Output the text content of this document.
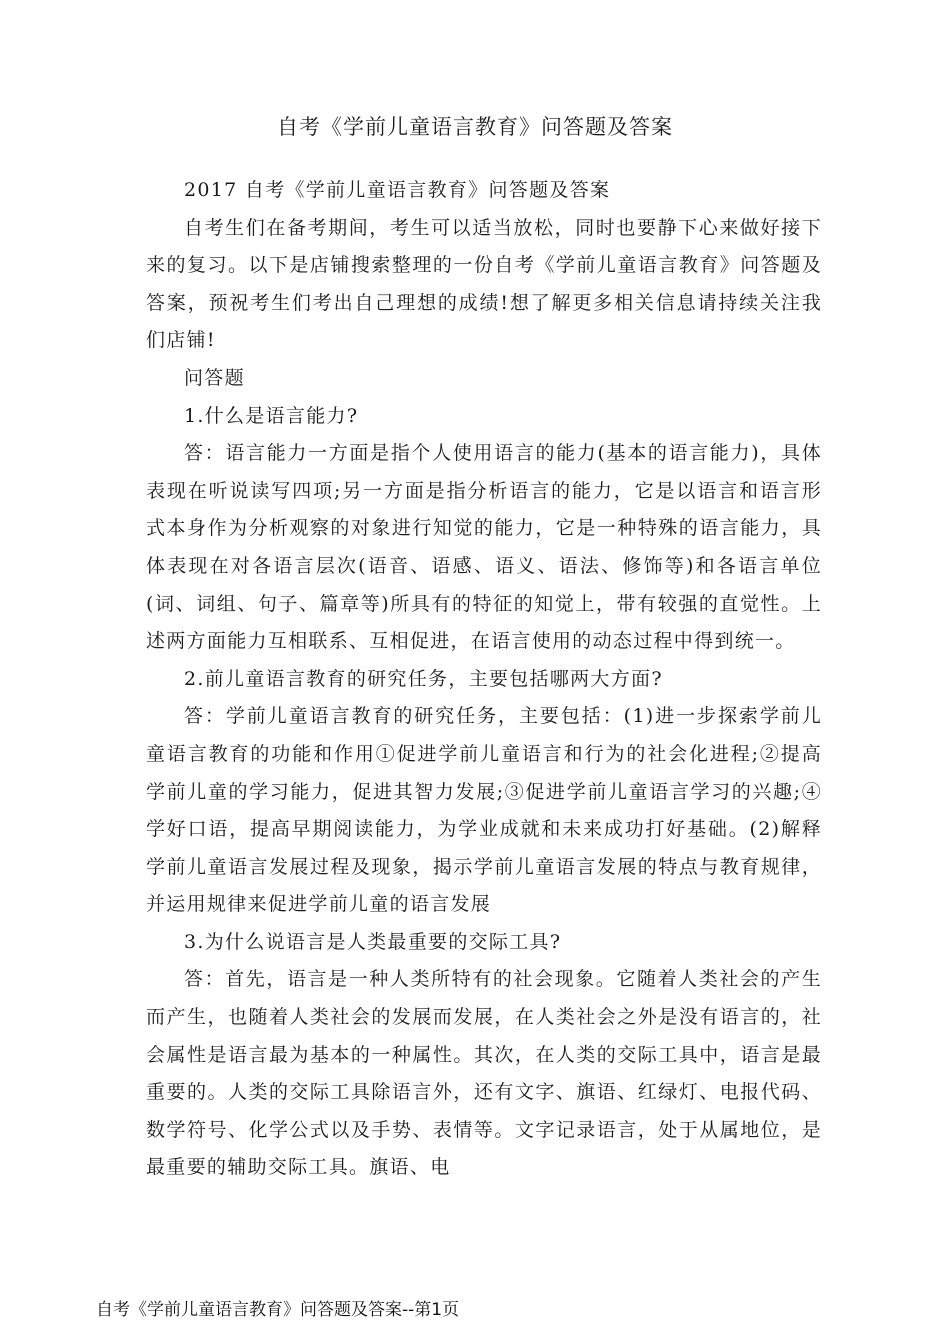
自考《学前儿童语言教育》问答题及答案

2017 自考《学前儿童语言教育》问答题及答案

自考生们在备考期间，考生可以适当放松，同时也要静下心来做好接下来的复习。以下是店铺搜索整理的一份自考《学前儿童语言教育》问答题及答案，预祝考生们考出自己理想的成绩!想了解更多相关信息请持续关注我们店铺!

问答题

1.什么是语言能力?

答：语言能力一方面是指个人使用语言的能力(基本的语言能力)，具体表现在听说读写四项;另一方面是指分析语言的能力，它是以语言和语言形式本身作为分析观察的对象进行知觉的能力，它是一种特殊的语言能力，具体表现在对各语言层次(语音、语感、语义、语法、修饰等)和各语言单位(词、词组、句子、篇章等)所具有的特征的知觉上，带有较强的直觉性。上述两方面能力互相联系、互相促进，在语言使用的动态过程中得到统一。

2.前儿童语言教育的研究任务，主要包括哪两大方面?

答：学前儿童语言教育的研究任务，主要包括：(1)进一步探索学前儿童语言教育的功能和作用①促进学前儿童语言和行为的社会化进程;②提高学前儿童的学习能力，促进其智力发展;③促进学前儿童语言学习的兴趣;④学好口语，提高早期阅读能力，为学业成就和未来成功打好基础。(2)解释学前儿童语言发展过程及现象，揭示学前儿童语言发展的特点与教育规律，并运用规律来促进学前儿童的语言发展

3.为什么说语言是人类最重要的交际工具?

答：首先，语言是一种人类所特有的社会现象。它随着人类社会的产生而产生，也随着人类社会的发展而发展，在人类社会之外是没有语言的，社会属性是语言最为基本的一种属性。其次，在人类的交际工具中，语言是最重要的。人类的交际工具除语言外，还有文字、旗语、红绿灯、电报代码、数学符号、化学公式以及手势、表情等。文字记录语言，处于从属地位，是最重要的辅助交际工具。旗语、电

自考《学前儿童语言教育》问答题及答案--第1页
